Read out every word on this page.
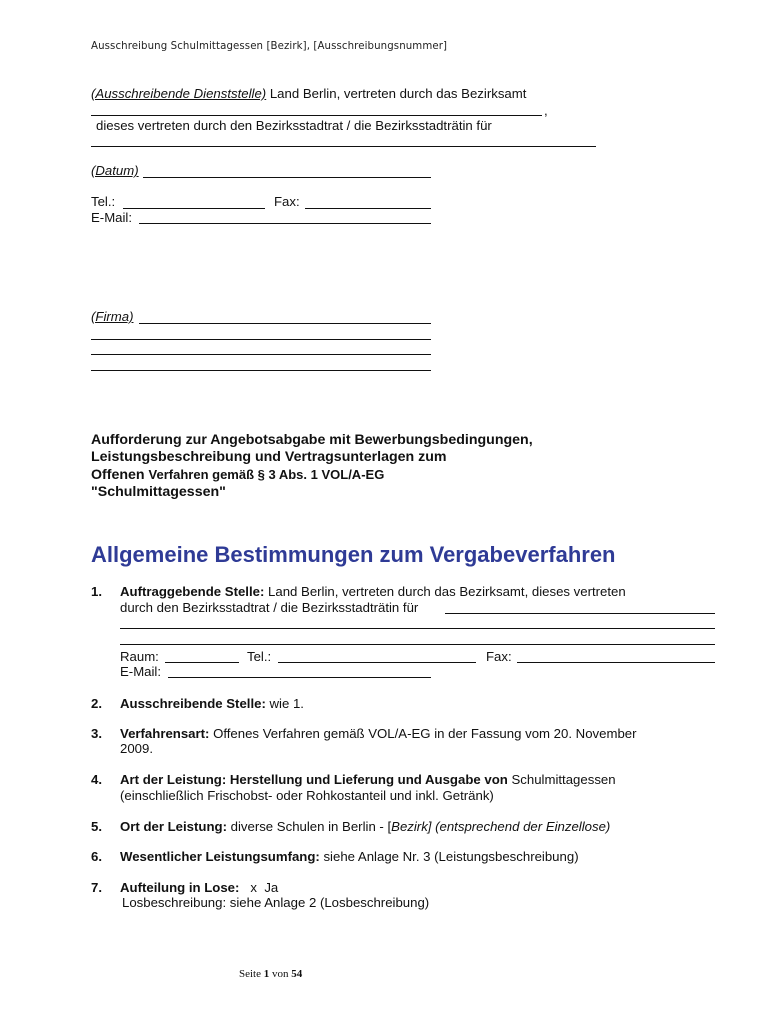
Ausschreibung Schulmittagessen [Bezirk], [Ausschreibungsnummer]
(Ausschreibende Dienststelle) Land Berlin, vertreten durch das Bezirksamt
,
dieses vertreten durch den Bezirksstadtrat / die Bezirksstadträtin für
(Datum)
Tel.:	Fax:
E-Mail:
(Firma)
Aufforderung zur Angebotsabgabe mit Bewerbungsbedingungen,
Leistungsbeschreibung und Vertragsunterlagen zum
Offenen Verfahren gemäß § 3 Abs. 1 VOL/A-EG
"Schulmittagessen"
Allgemeine Bestimmungen zum Vergabeverfahren
1. Auftraggebende Stelle: Land Berlin, vertreten durch das Bezirksamt, dieses vertreten
durch den Bezirksstadtrat / die Bezirksstadträtin für
Raum:	Tel.:	Fax:
E-Mail:
2. Ausschreibende Stelle: wie 1.
3. Verfahrensart: Offenes Verfahren gemäß VOL/A-EG in der Fassung vom 20. November
2009.
4. Art der Leistung: Herstellung und Lieferung und Ausgabe von Schulmittagessen
(einschließlich Frischobst- oder Rohkostanteil und inkl. Getränk)
5. Ort der Leistung: diverse Schulen in Berlin - [Bezirk] (entsprechend der Einzellose)
6. Wesentlicher Leistungsumfang: siehe Anlage Nr. 3 (Leistungsbeschreibung)
7. Aufteilung in Lose:   x  Ja
Losbeschreibung: siehe Anlage 2 (Losbeschreibung)
Seite 1 von 54
